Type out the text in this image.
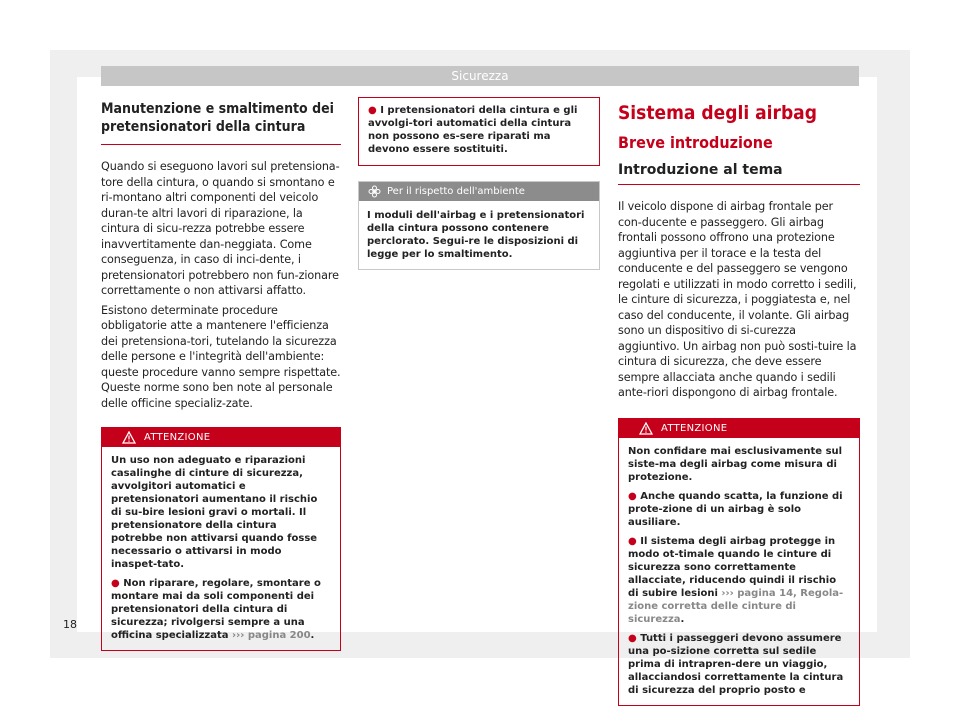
Sicurezza
Manutenzione e smaltimento dei pretensionatori della cintura

Quando si eseguono lavori sul pretensiona-tore della cintura, o quando si smontano e ri-montano altri componenti del veicolo duran-te altri lavori di riparazione, la cintura di sicu-rezza potrebbe essere inavvertitamente dan-neggiata. Come conseguenza, in caso di inci-dente, i pretensionatori potrebbero non fun-zionare correttamente o non attivarsi affatto.

Esistono determinate procedure obbligatorie atte a mantenere l'efficienza dei pretensiona-tori, tutelando la sicurezza delle persone e l'integrità dell'ambiente: queste procedure vanno sempre rispettate. Queste norme sono ben note al personale delle officine specializ-zate.

ATTENZIONE

Un uso non adeguato e riparazioni casalinghe di cinture di sicurezza, avvolgitori automatici e pretensionatori aumentano il rischio di su-bire lesioni gravi o mortali. Il pretensionatore della cintura potrebbe non attivarsi quando fosse necessario o attivarsi in modo inaspet-tato.

● Non riparare, regolare, smontare o montare mai da soli componenti dei pretensionatori della cintura di sicurezza; rivolgersi sempre a una officina specializzata ››› pagina 200.

● I pretensionatori della cintura e gli avvolgi-tori automatici della cintura non possono es-sere riparati ma devono essere sostituiti.

Per il rispetto dell'ambiente
I moduli dell'airbag e i pretensionatori della cintura possono contenere perclorato. Segui-re le disposizioni di legge per lo smaltimento.
Sistema degli airbag
Breve introduzione
Introduzione al tema

Il veicolo dispone di airbag frontale per con-ducente e passeggero. Gli airbag frontali possono offrono una protezione aggiuntiva per il torace e la testa del conducente e del passeggero se vengono regolati e utilizzati in modo corretto i sedili, le cinture di sicurezza, i poggiatesta e, nel caso del conducente, il volante. Gli airbag sono un dispositivo di si-curezza aggiuntivo. Un airbag non può sosti-tuire la cintura di sicurezza, che deve essere sempre allacciata anche quando i sedili ante-riori dispongono di airbag frontale.

ATTENZIONE

Non confidare mai esclusivamente sul siste-ma degli airbag come misura di protezione.

● Anche quando scatta, la funzione di prote-zione di un airbag è solo ausiliare.

● Il sistema degli airbag protegge in modo ot-timale quando le cinture di sicurezza sono correttamente allacciate, riducendo quindi il rischio di subire lesioni ››› pagina 14, Regola-zione corretta delle cinture di sicurezza.

● Tutti i passeggeri devono assumere una po-sizione corretta sul sedile prima di intrapren-dere un viaggio, allacciandosi correttamente la cintura di sicurezza del proprio posto e

18
